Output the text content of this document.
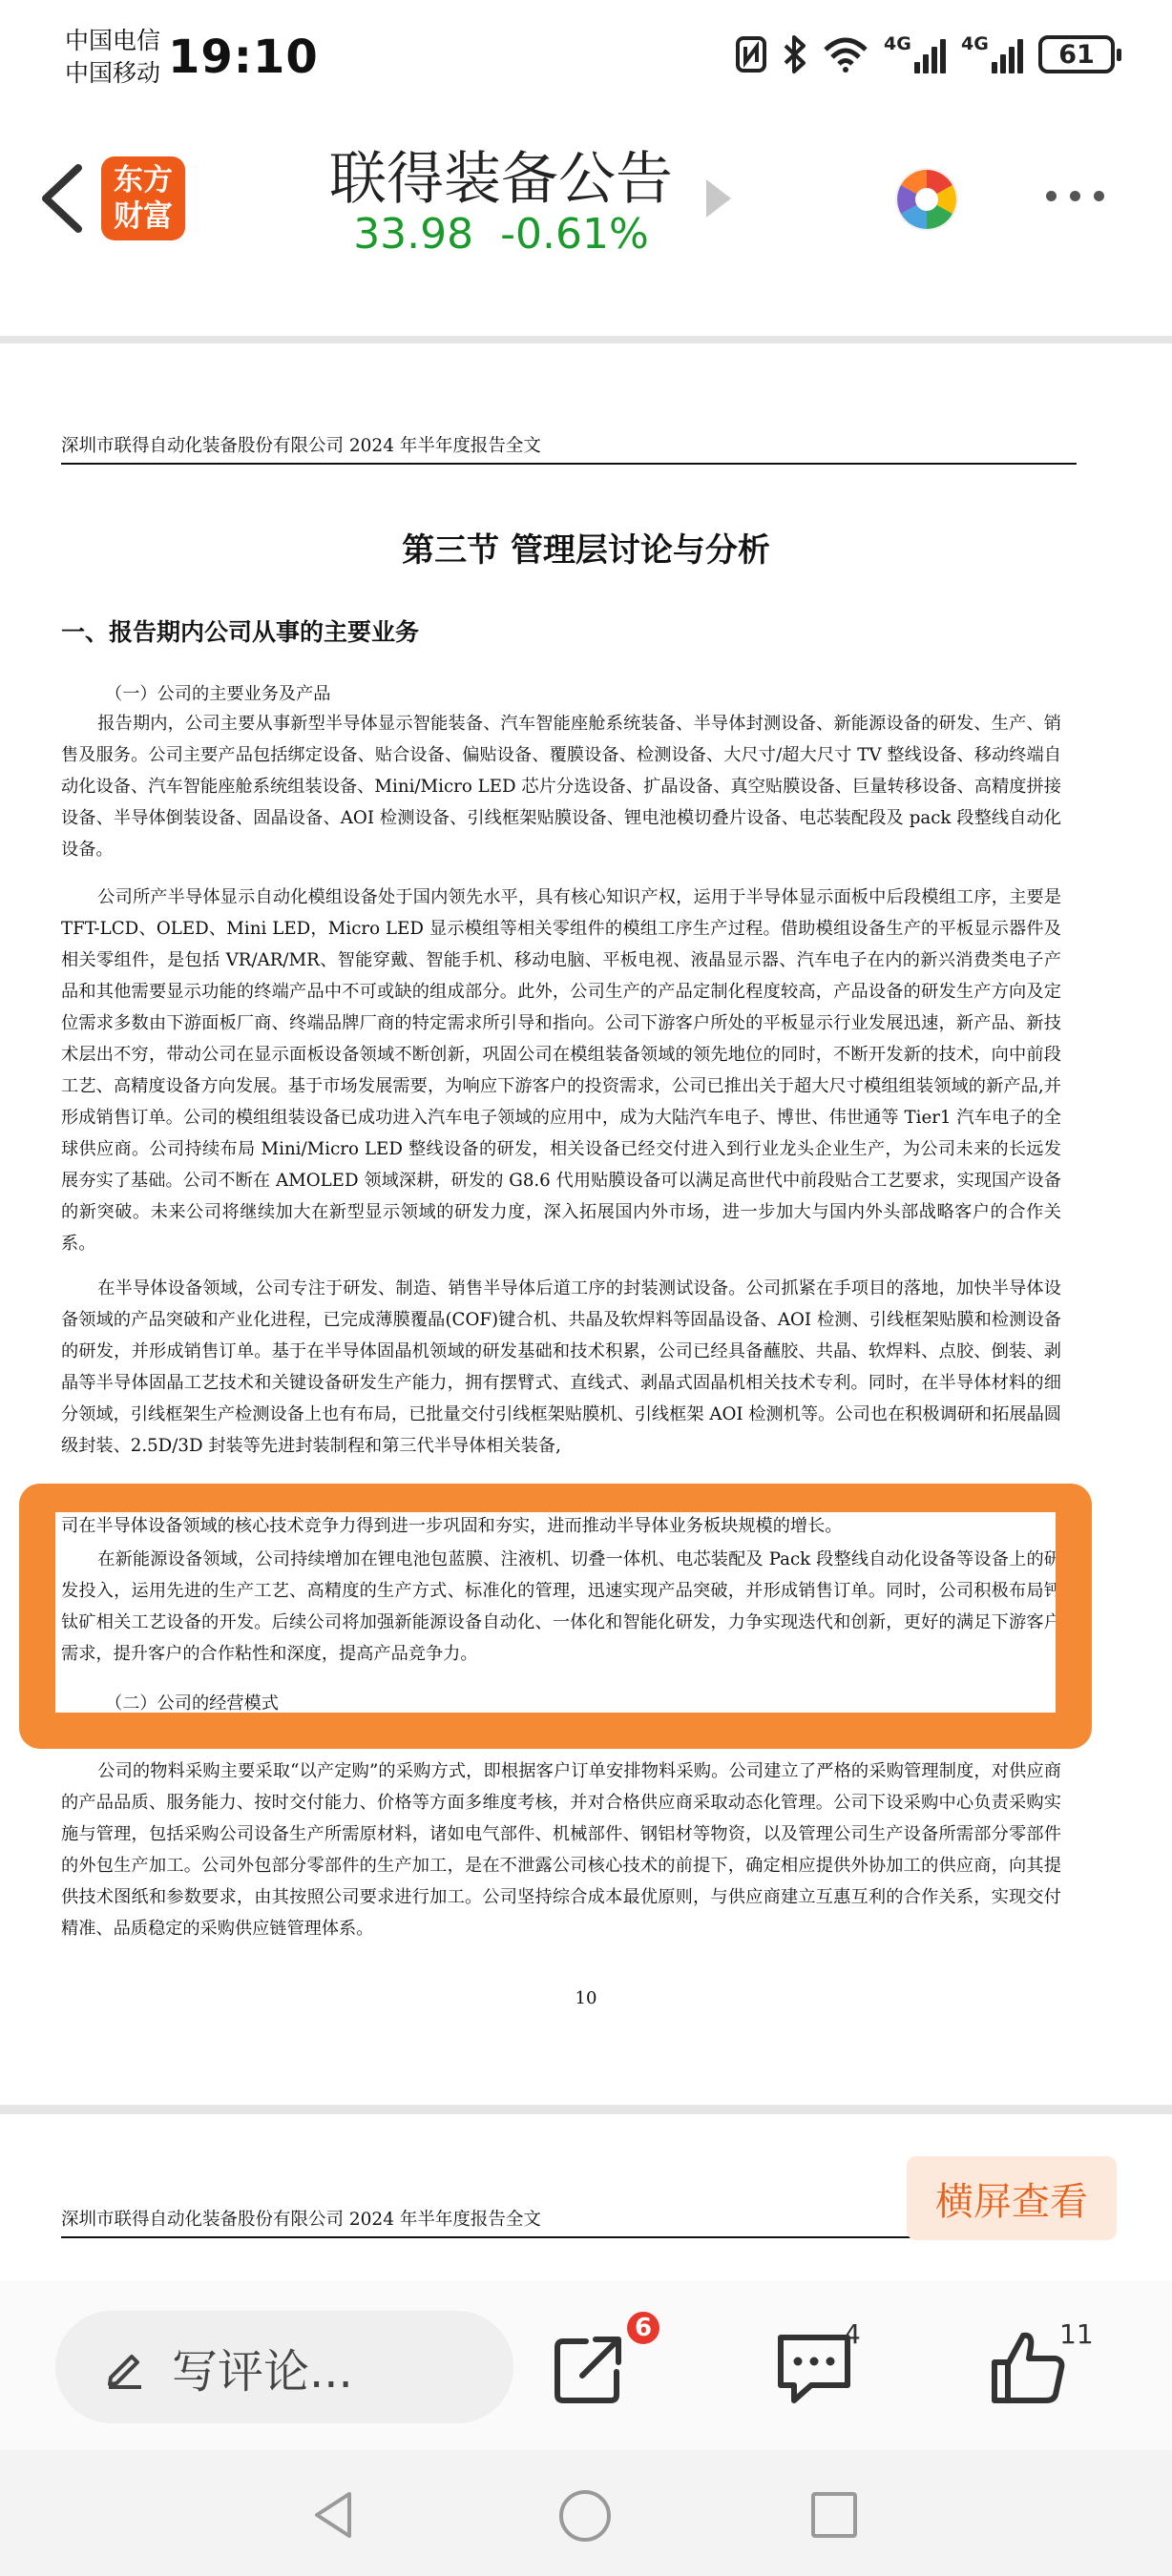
中国电信
中国移动 19:10	4G	4G	61
东方
财富
联得装备公告
33.98 -0.61%
深圳市联得自动化装备股份有限公司 2024 年半年度报告全文
第三节 管理层讨论与分析
一、报告期内公司从事的主要业务
（一）公司的主要业务及产品
报告期内，公司主要从事新型半导体显示智能装备、汽车智能座舱系统装备、半导体封测设备、新能源设备的研发、生产、销售及服务。公司主要产品包括绑定设备、贴合设备、偏贴设备、覆膜设备、检测设备、大尺寸/超大尺寸 TV 整线设备、移动终端自动化设备、汽车智能座舱系统组装设备、Mini/Micro LED 芯片分选设备、扩晶设备、真空贴膜设备、巨量转移设备、高精度拼接设备、半导体倒装设备、固晶设备、AOI 检测设备、引线框架贴膜设备、锂电池模切叠片设备、电芯装配段及 pack 段整线自动化设备。
公司所产半导体显示自动化模组设备处于国内领先水平，具有核心知识产权，运用于半导体显示面板中后段模组工序，主要是 TFT-LCD、OLED、Mini LED，Micro LED 显示模组等相关零组件的模组工序生产过程。借助模组设备生产的平板显示器件及相关零组件，是包括 VR/AR/MR、智能穿戴、智能手机、移动电脑、平板电视、液晶显示器、汽车电子在内的新兴消费类电子产品和其他需要显示功能的终端产品中不可或缺的组成部分。此外，公司生产的产品定制化程度较高，产品设备的研发生产方向及定位需求多数由下游面板厂商、终端品牌厂商的特定需求所引导和指向。公司下游客户所处的平板显示行业发展迅速，新产品、新技术层出不穷，带动公司在显示面板设备领域不断创新，巩固公司在模组装备领域的领先地位的同时，不断开发新的技术，向中前段工艺、高精度设备方向发展。基于市场发展需要，为响应下游客户的投资需求，公司已推出关于超大尺寸模组组装领域的新产品,并形成销售订单。公司的模组组装设备已成功进入汽车电子领域的应用中，成为大陆汽车电子、博世、伟世通等 Tier1 汽车电子的全球供应商。公司持续布局 Mini/Micro LED 整线设备的研发，相关设备已经交付进入到行业龙头企业生产，为公司未来的长远发展夯实了基础。公司不断在 AMOLED 领域深耕，研发的 G8.6 代用贴膜设备可以满足高世代中前段贴合工艺要求，实现国产设备的新突破。未来公司将继续加大在新型显示领域的研发力度，深入拓展国内外市场，进一步加大与国内外头部战略客户的合作关系。
在半导体设备领域，公司专注于研发、制造、销售半导体后道工序的封装测试设备。公司抓紧在手项目的落地，加快半导体设备领域的产品突破和产业化进程，已完成薄膜覆晶(COF)键合机、共晶及软焊料等固晶设备、AOI 检测、引线框架贴膜和检测设备的研发，并形成销售订单。基于在半导体固晶机领域的研发基础和技术积累，公司已经具备蘸胶、共晶、软焊料、点胶、倒装、剥晶等半导体固晶工艺技术和关键设备研发生产能力，拥有摆臂式、直线式、剥晶式固晶机相关技术专利。同时，在半导体材料的细分领域，引线框架生产检测设备上也有布局，已批量交付引线框架贴膜机、引线框架 AOI 检测机等。公司也在积极调研和拓展晶圆级封装、2.5D/3D 封装等先进封装制程和第三代半导体相关装备,
司在半导体设备领域的核心技术竞争力得到进一步巩固和夯实，进而推动半导体业务板块规模的增长。
在新能源设备领域，公司持续增加在锂电池包蓝膜、注液机、切叠一体机、电芯装配及 Pack 段整线自动化设备等设备上的研发投入，运用先进的生产工艺、高精度的生产方式、标准化的管理，迅速实现产品突破，并形成销售订单。同时，公司积极布局钙钛矿相关工艺设备的开发。后续公司将加强新能源设备自动化、一体化和智能化研发，力争实现迭代和创新，更好的满足下游客户需求，提升客户的合作粘性和深度，提高产品竞争力。
（二）公司的经营模式
公司的物料采购主要采取“以产定购”的采购方式，即根据客户订单安排物料采购。公司建立了严格的采购管理制度，对供应商的产品品质、服务能力、按时交付能力、价格等方面多维度考核，并对合格供应商采取动态化管理。公司下设采购中心负责采购实施与管理，包括采购公司设备生产所需原材料，诸如电气部件、机械部件、钢铝材等物资，以及管理公司生产设备所需部分零部件的外包生产加工。公司外包部分零部件的生产加工，是在不泄露公司核心技术的前提下，确定相应提供外协加工的供应商，向其提供技术图纸和参数要求，由其按照公司要求进行加工。公司坚持综合成本最优原则，与供应商建立互惠互利的合作关系，实现交付精准、品质稳定的采购供应链管理体系。
10
深圳市联得自动化装备股份有限公司 2024 年半年度报告全文	横屏查看
写评论...
6	4	11
